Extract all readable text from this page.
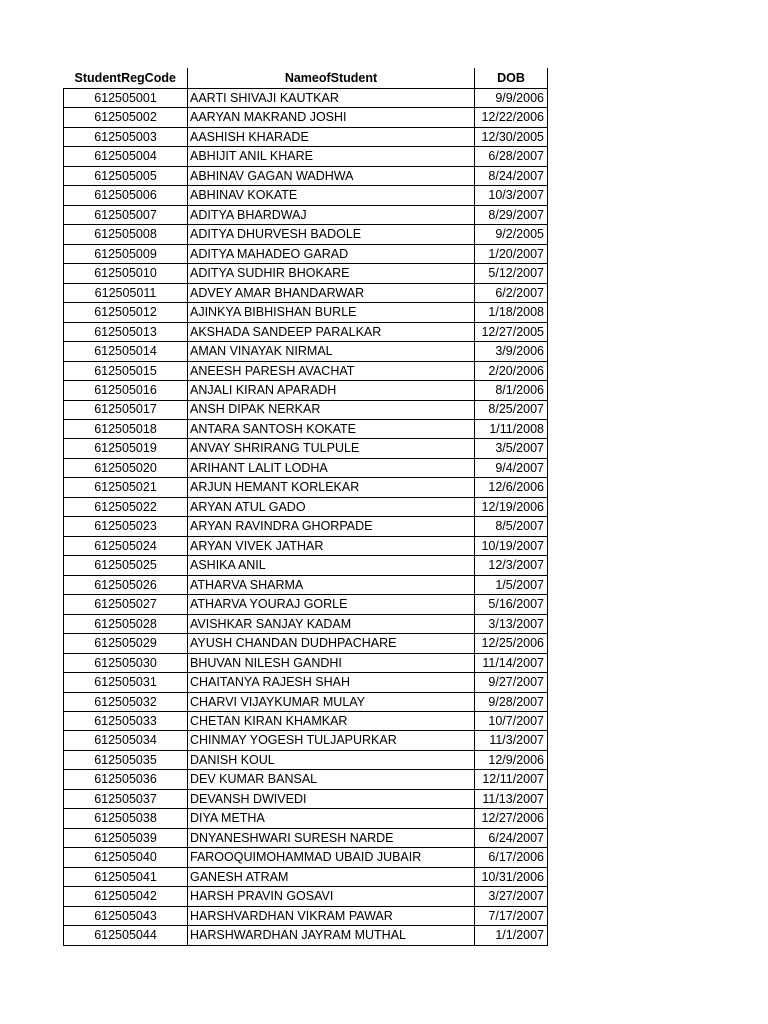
StudentRegCode	NameofStudent	DOB
612505001	AARTI SHIVAJI KAUTKAR	9/9/2006
612505002	AARYAN MAKRAND JOSHI	12/22/2006
612505003	AASHISH KHARADE	12/30/2005
612505004	ABHIJIT ANIL KHARE	6/28/2007
612505005	ABHINAV GAGAN WADHWA	8/24/2007
612505006	ABHINAV KOKATE	10/3/2007
612505007	ADITYA BHARDWAJ	8/29/2007
612505008	ADITYA DHURVESH BADOLE	9/2/2005
612505009	ADITYA MAHADEO GARAD	1/20/2007
612505010	ADITYA SUDHIR BHOKARE	5/12/2007
612505011	ADVEY AMAR BHANDARWAR	6/2/2007
612505012	AJINKYA BIBHISHAN BURLE	1/18/2008
612505013	AKSHADA SANDEEP PARALKAR	12/27/2005
612505014	AMAN VINAYAK NIRMAL	3/9/2006
612505015	ANEESH PARESH AVACHAT	2/20/2006
612505016	ANJALI KIRAN APARADH	8/1/2006
612505017	ANSH DIPAK NERKAR	8/25/2007
612505018	ANTARA SANTOSH KOKATE	1/11/2008
612505019	ANVAY SHRIRANG TULPULE	3/5/2007
612505020	ARIHANT LALIT LODHA	9/4/2007
612505021	ARJUN HEMANT KORLEKAR	12/6/2006
612505022	ARYAN ATUL GADO	12/19/2006
612505023	ARYAN RAVINDRA GHORPADE	8/5/2007
612505024	ARYAN VIVEK JATHAR	10/19/2007
612505025	ASHIKA ANIL	12/3/2007
612505026	ATHARVA SHARMA	1/5/2007
612505027	ATHARVA YOURAJ GORLE	5/16/2007
612505028	AVISHKAR SANJAY KADAM	3/13/2007
612505029	AYUSH CHANDAN DUDHPACHARE	12/25/2006
612505030	BHUVAN NILESH GANDHI	11/14/2007
612505031	CHAITANYA RAJESH SHAH	9/27/2007
612505032	CHARVI VIJAYKUMAR MULAY	9/28/2007
612505033	CHETAN KIRAN KHAMKAR	10/7/2007
612505034	CHINMAY YOGESH TULJAPURKAR	11/3/2007
612505035	DANISH KOUL	12/9/2006
612505036	DEV KUMAR BANSAL	12/11/2007
612505037	DEVANSH DWIVEDI	11/13/2007
612505038	DIYA METHA	12/27/2006
612505039	DNYANESHWARI SURESH NARDE	6/24/2007
612505040	FAROOQUIMOHAMMAD UBAID JUBAIR	6/17/2006
612505041	GANESH ATRAM	10/31/2006
612505042	HARSH PRAVIN GOSAVI	3/27/2007
612505043	HARSHVARDHAN VIKRAM PAWAR	7/17/2007
612505044	HARSHWARDHAN JAYRAM MUTHAL	1/1/2007
